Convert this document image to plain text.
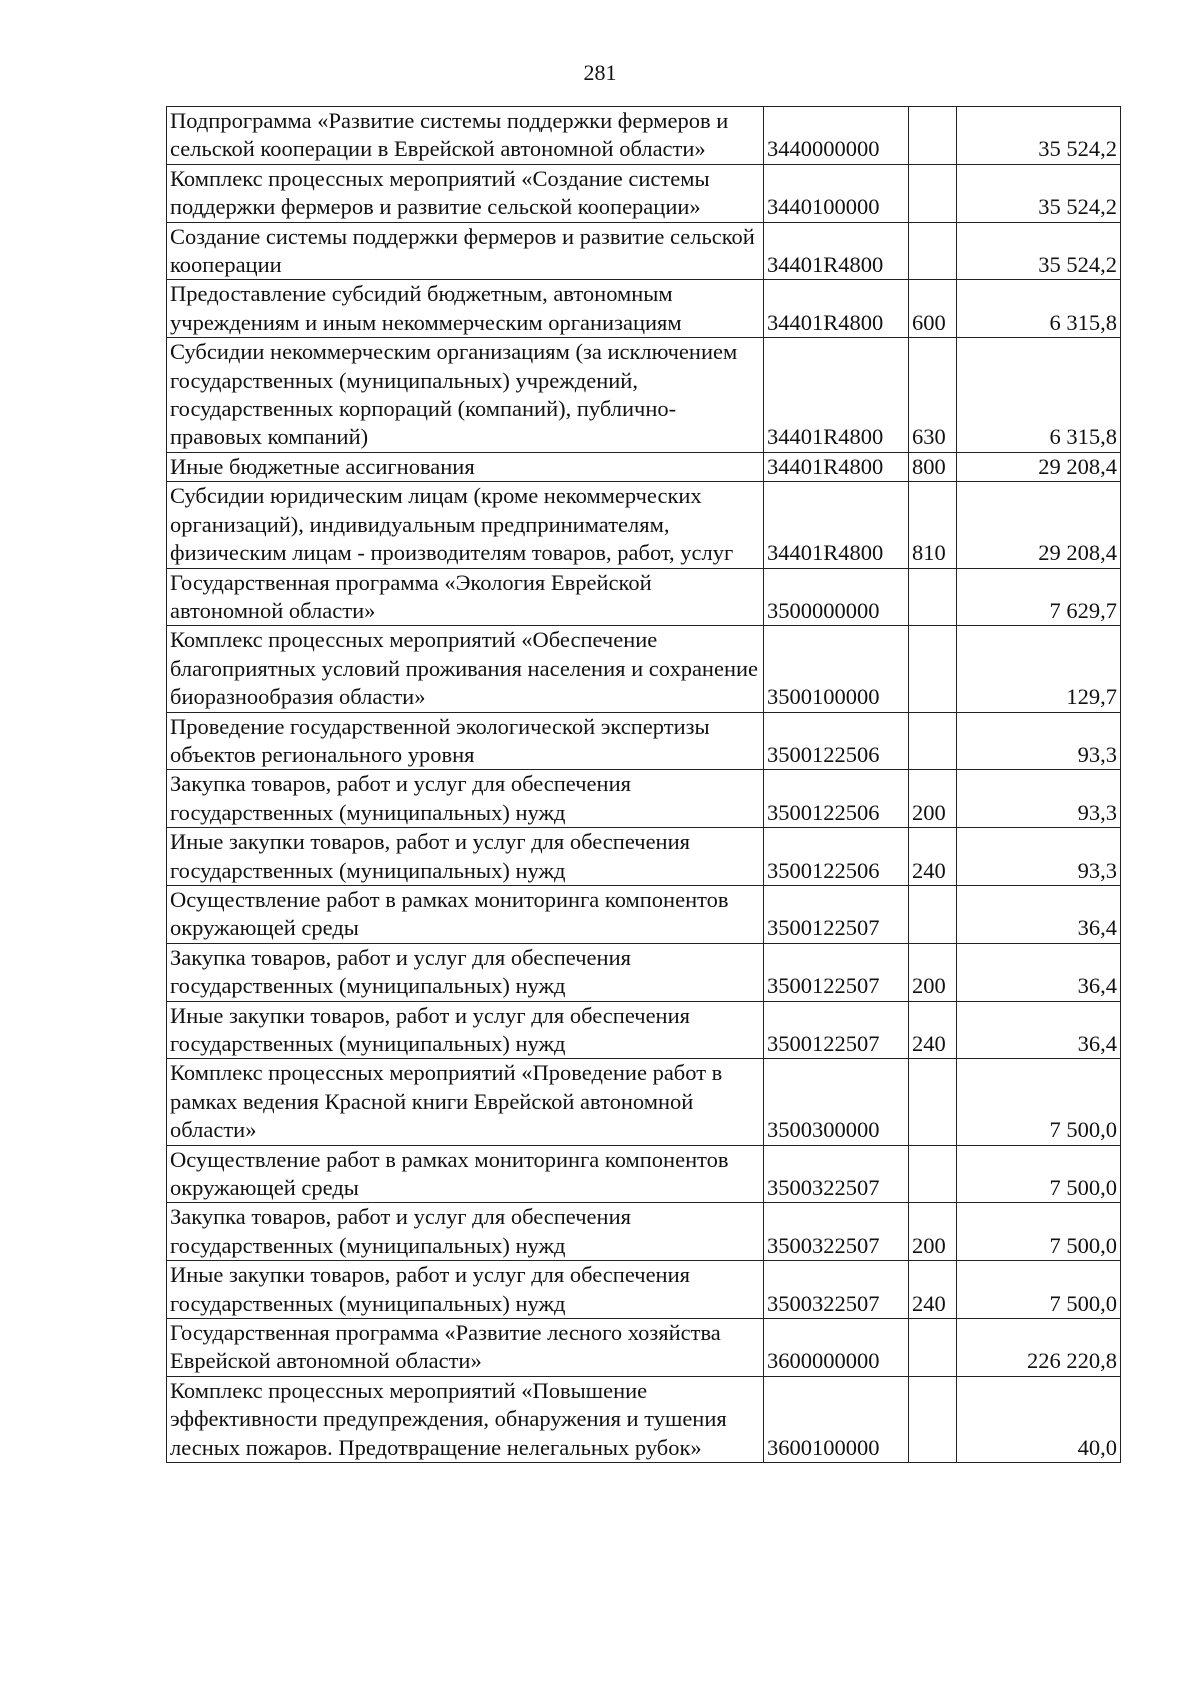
281
Подпрограмма «Развитие системы поддержки фермеров и сельской кооперации в Еврейской автономной области»	3440000000		35 524,2
Комплекс процессных мероприятий «Создание системы поддержки фермеров и развитие сельской кооперации»	3440100000		35 524,2
Создание системы поддержки фермеров и развитие сельской кооперации	34401R4800		35 524,2
Предоставление субсидий бюджетным, автономным учреждениям и иным некоммерческим организациям	34401R4800	600	6 315,8
Субсидии некоммерческим организациям (за исключением государственных (муниципальных) учреждений, государственных корпораций (компаний), публично-правовых компаний)	34401R4800	630	6 315,8
Иные бюджетные ассигнования	34401R4800	800	29 208,4
Субсидии юридическим лицам (кроме некоммерческих организаций), индивидуальным предпринимателям, физическим лицам - производителям товаров, работ, услуг	34401R4800	810	29 208,4
Государственная программа «Экология Еврейской автономной области»	3500000000		7 629,7
Комплекс процессных мероприятий «Обеспечение благоприятных условий проживания населения и сохранение биоразнообразия области»	3500100000		129,7
Проведение государственной экологической экспертизы объектов регионального уровня	3500122506		93,3
Закупка товаров, работ и услуг для обеспечения государственных (муниципальных) нужд	3500122506	200	93,3
Иные закупки товаров, работ и услуг для обеспечения государственных (муниципальных) нужд	3500122506	240	93,3
Осуществление работ в рамках мониторинга компонентов окружающей среды	3500122507		36,4
Закупка товаров, работ и услуг для обеспечения государственных (муниципальных) нужд	3500122507	200	36,4
Иные закупки товаров, работ и услуг для обеспечения государственных (муниципальных) нужд	3500122507	240	36,4
Комплекс процессных мероприятий «Проведение работ в рамках ведения Красной книги Еврейской автономной области»	3500300000		7 500,0
Осуществление работ в рамках мониторинга компонентов окружающей среды	3500322507		7 500,0
Закупка товаров, работ и услуг для обеспечения государственных (муниципальных) нужд	3500322507	200	7 500,0
Иные закупки товаров, работ и услуг для обеспечения государственных (муниципальных) нужд	3500322507	240	7 500,0
Государственная программа «Развитие лесного хозяйства Еврейской автономной области»	3600000000		226 220,8
Комплекс процессных мероприятий «Повышение эффективности предупреждения, обнаружения и тушения лесных пожаров. Предотвращение нелегальных рубок»	3600100000		40,0
